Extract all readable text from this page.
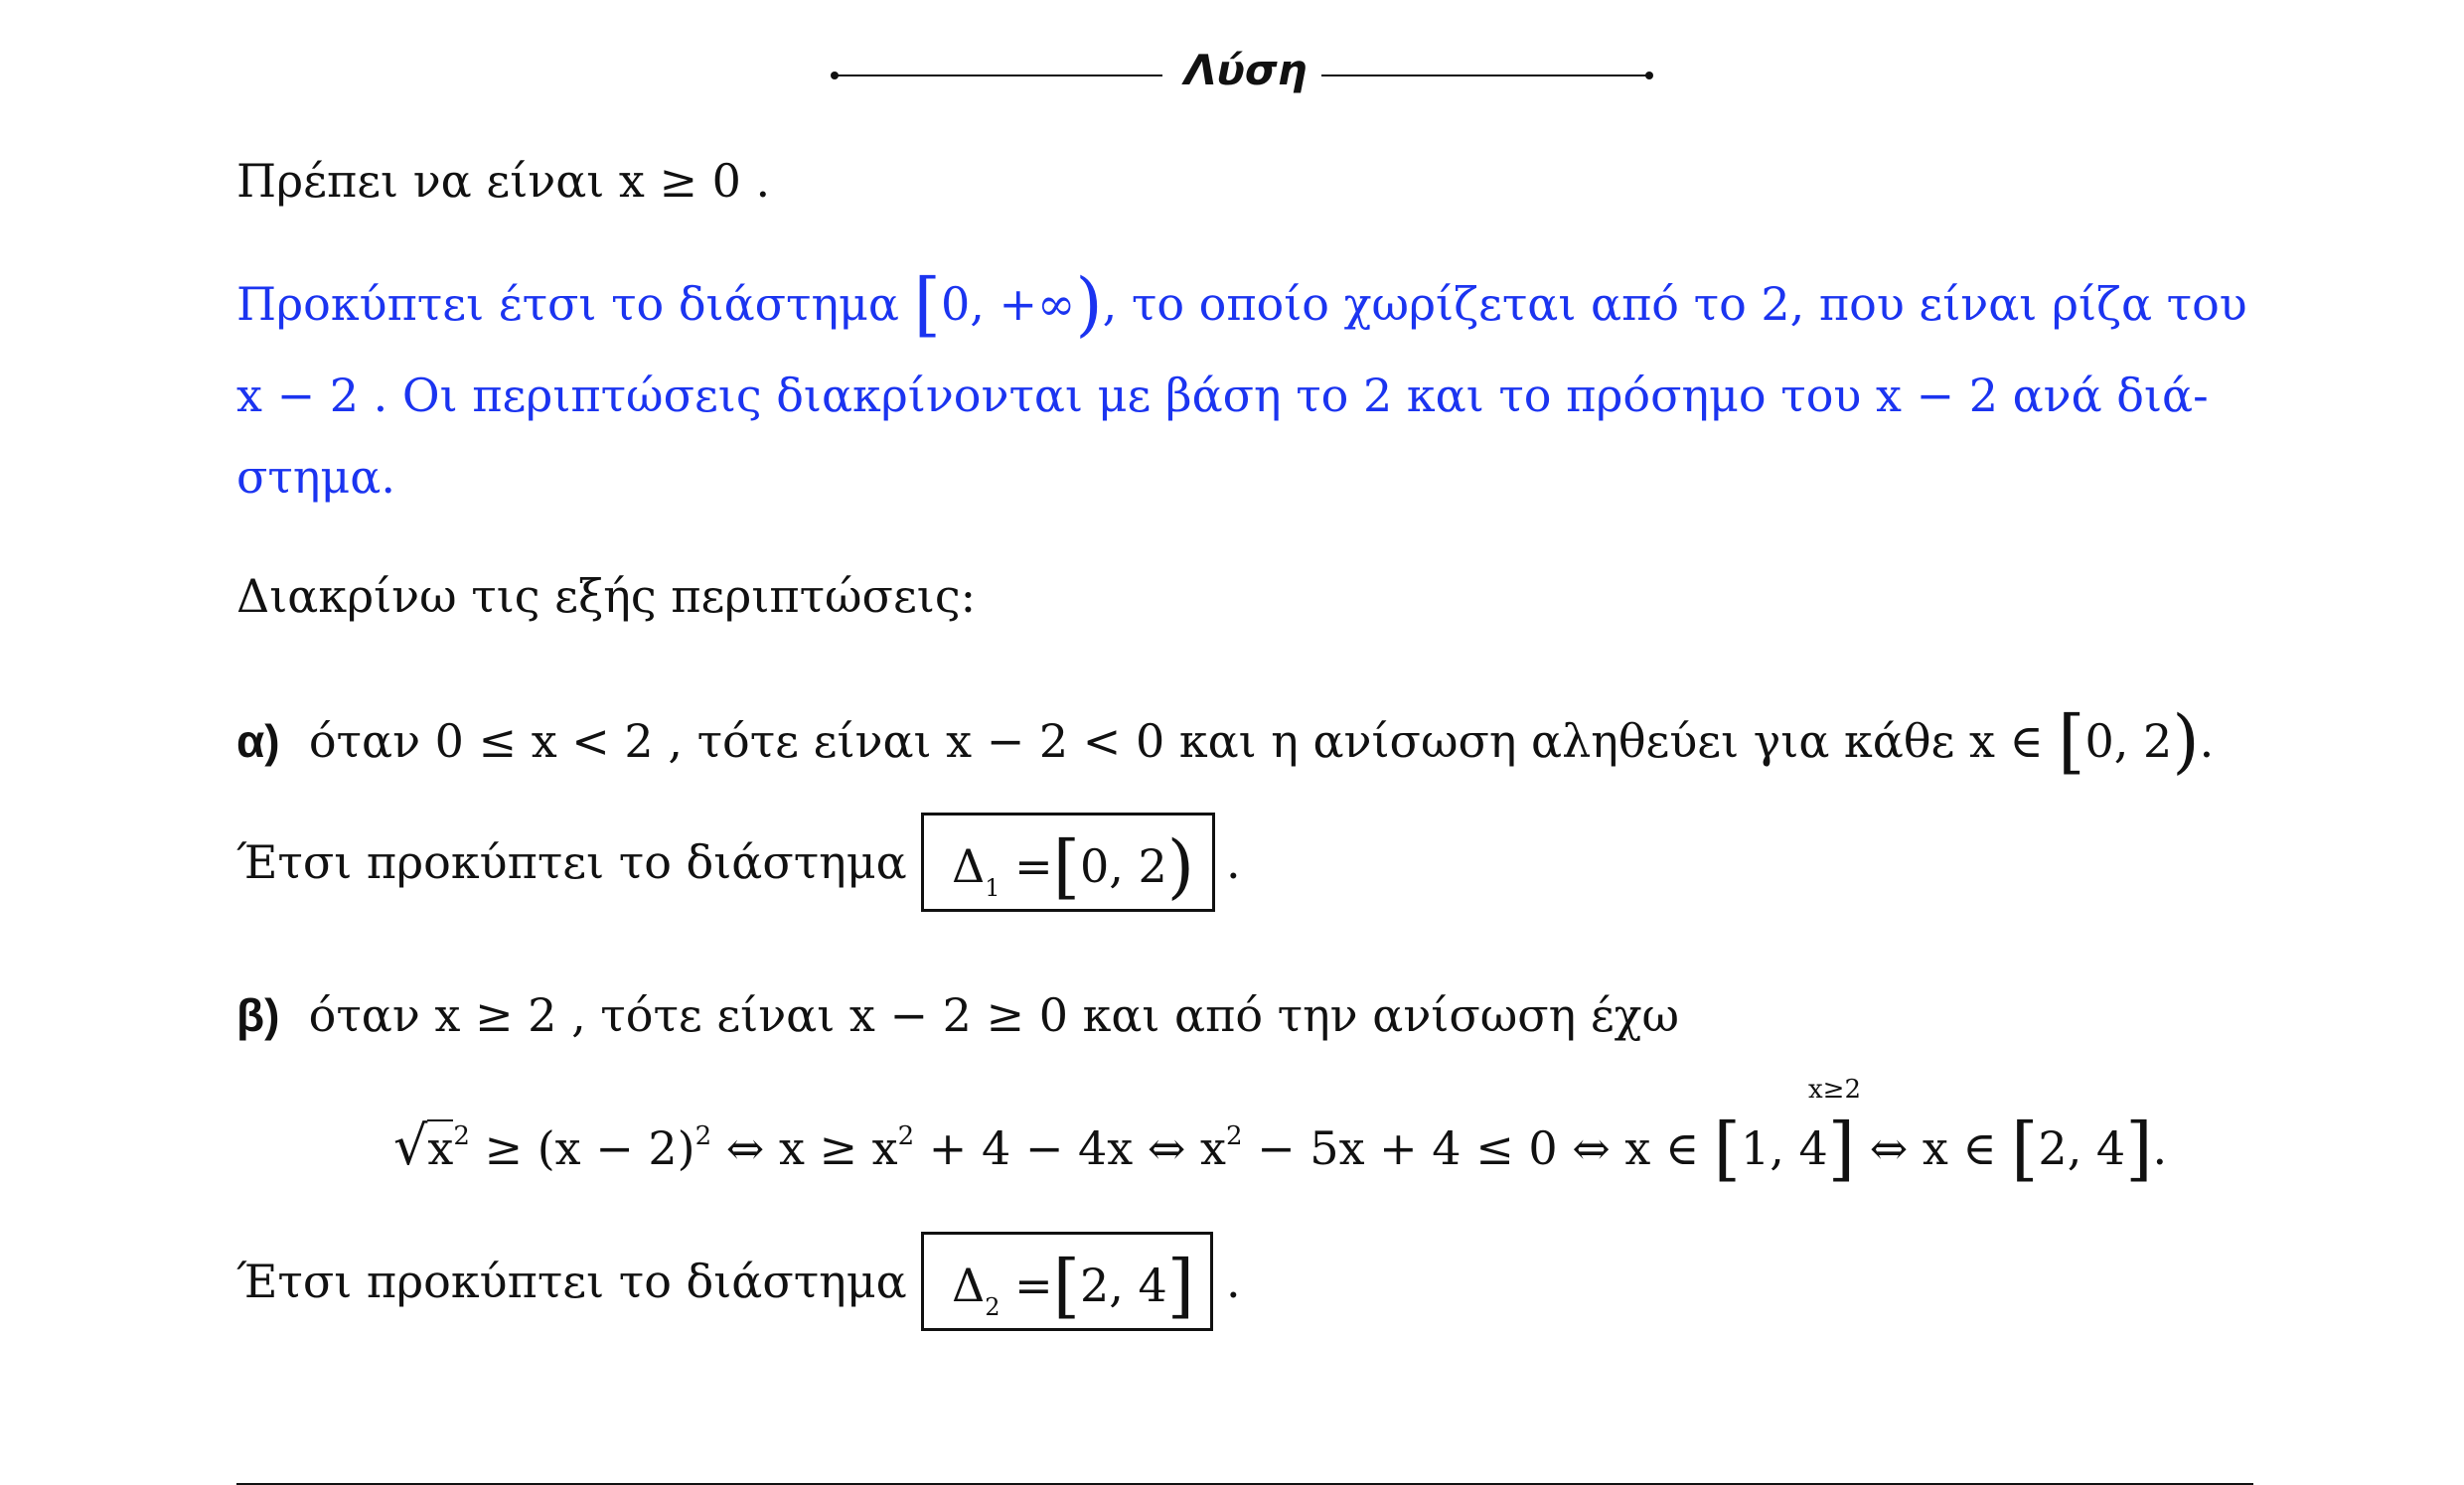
Λύση
Πρέπει να είναι x ≥ 0 .
Προκύπτει έτσι το διάστημα [0, +∞), το οποίο χωρίζεται από το 2, που είναι ρίζα του
x − 2 . Οι περιπτώσεις διακρίνονται με βάση το 2 και το πρόσημο του x − 2 ανά διά-
στημα.
Διακρίνω τις εξής περιπτώσεις:
α) όταν 0 ≤ x < 2 , τότε είναι x − 2 < 0 και η ανίσωση αληθεύει για κάθε x ∈ [0, 2).
Έτσι προκύπτει το διάστημα $\Delta_1 =[0$, 2) .
β) όταν x ≥ 2 , τότε είναι x − 2 ≥ 0 και από την ανίσωση έχω
$√x^2 \ge (x - 2)^2$ ⇔ $x \ge x^2 + 4 - 4x$ ⇔ $x^2 - 5x + 4 \le 0$ ⇔ x ∈ [1, 4] ⇔ x ∈ [2, 4].
x≥2
Έτσι προκύπτει το διάστημα $\Delta_2 =[2$, 4] .
